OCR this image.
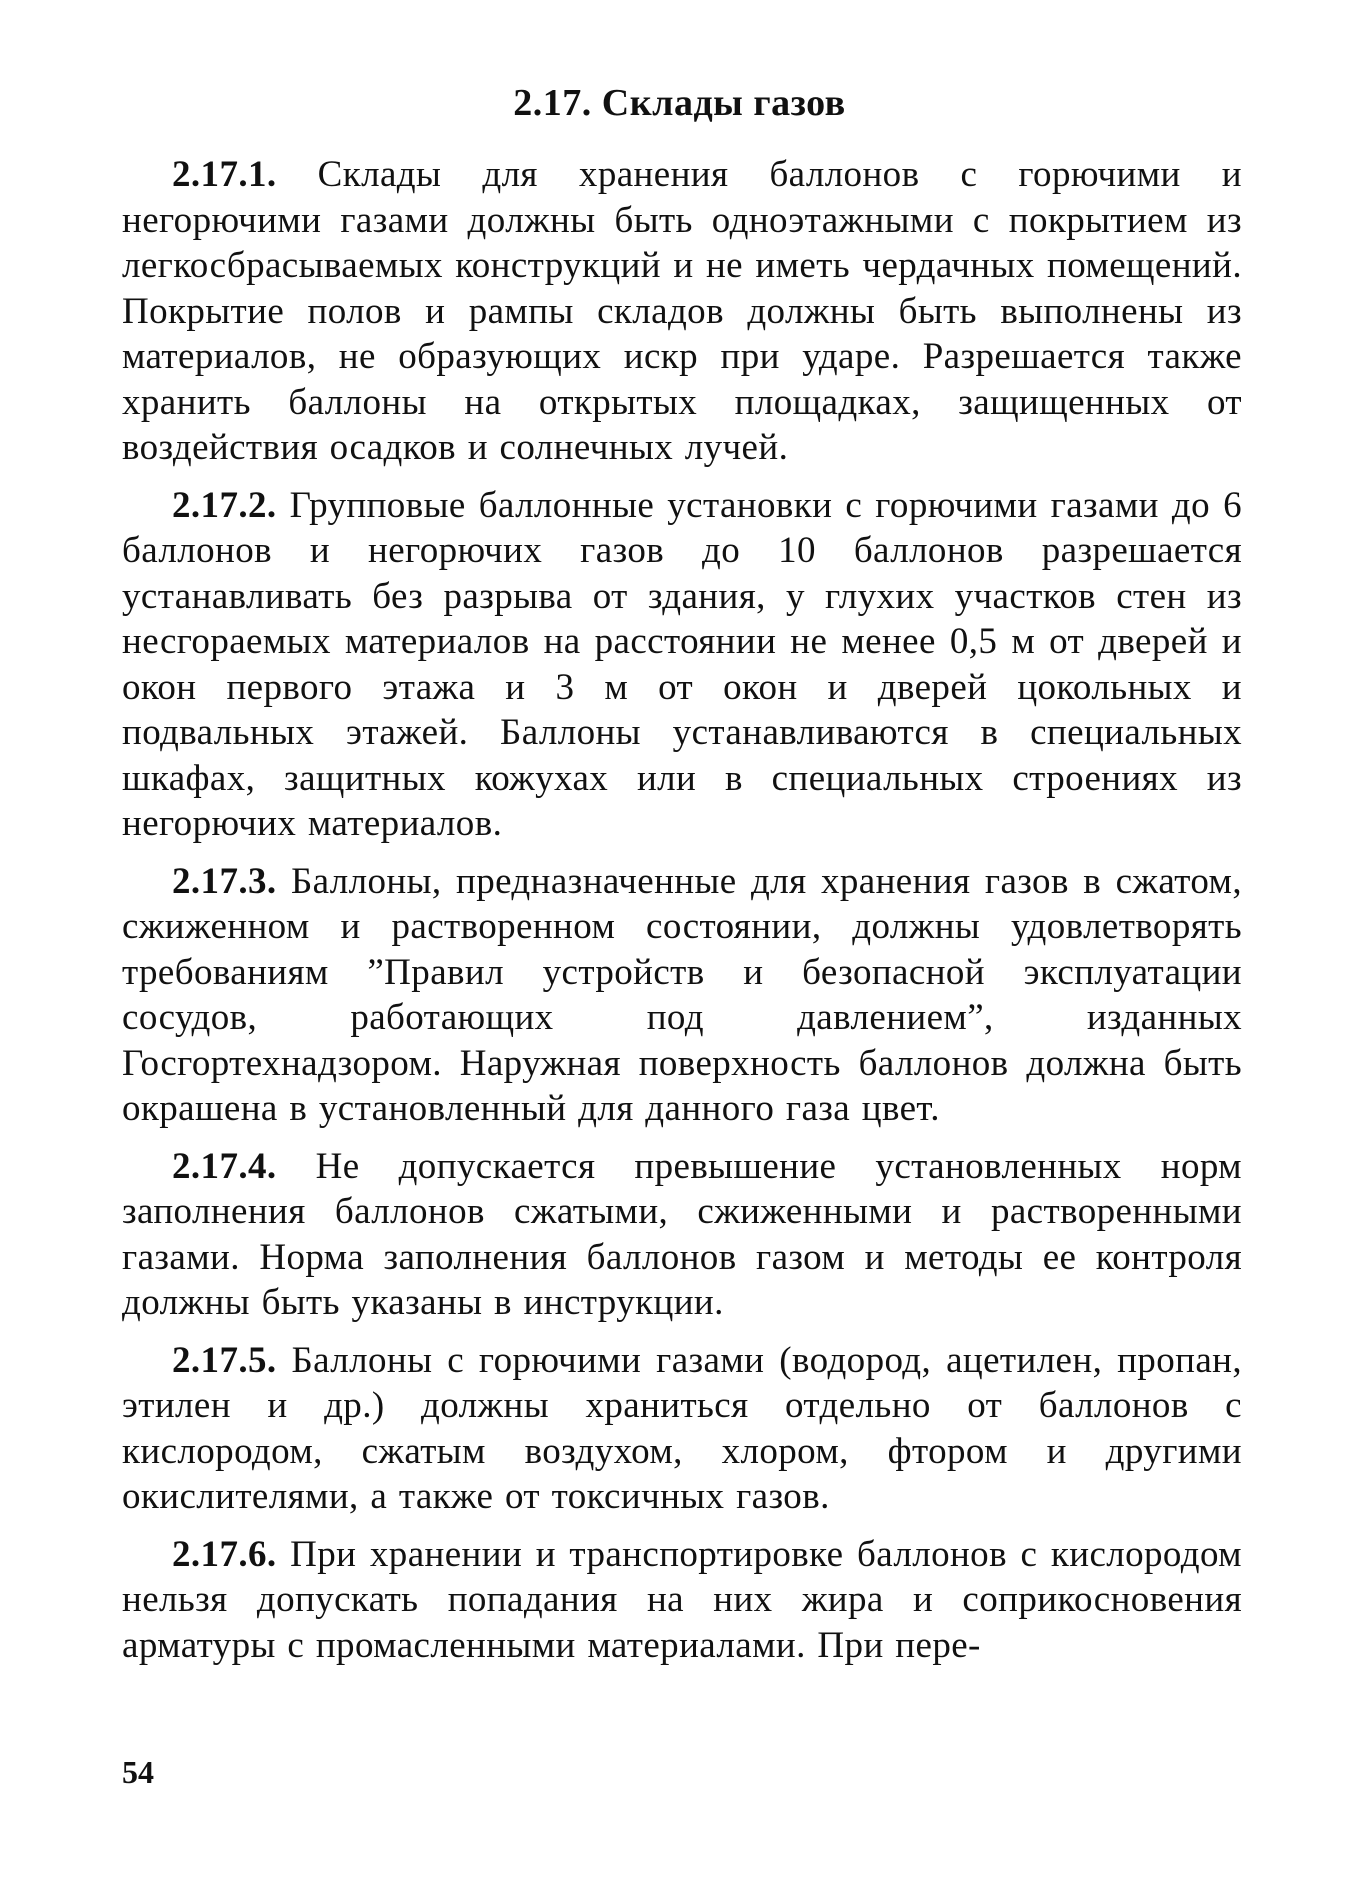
2.17. Склады газов

2.17.1. Склады для хранения баллонов с горючими и негорючими газами должны быть одноэтажными с покрытием из легкосбрасываемых конструкций и не иметь чердачных помещений. Покрытие полов и рампы складов должны быть выполнены из материалов, не образующих искр при ударе. Разрешается также хранить баллоны на открытых площадках, защищенных от воздействия осадков и солнечных лучей.

2.17.2. Групповые баллонные установки с горючими газами до 6 баллонов и негорючих газов до 10 баллонов разрешается устанавливать без разрыва от здания, у глухих участков стен из несгораемых материалов на расстоянии не менее 0,5 м от дверей и окон первого этажа и 3 м от окон и дверей цокольных и подвальных этажей. Баллоны устанавливаются в специальных шкафах, защитных кожухах или в специальных строениях из негорючих материалов.

2.17.3. Баллоны, предназначенные для хранения газов в сжатом, сжиженном и растворенном состоянии, должны удовлетворять требованиям ”Правил устройств и безопасной эксплуатации сосудов, работающих под давлением”, изданных Госгортехнадзором. Наружная поверхность баллонов должна быть окрашена в установленный для данного газа цвет.

2.17.4. Не допускается превышение установленных норм заполнения баллонов сжатыми, сжиженными и растворенными газами. Норма заполнения баллонов газом и методы ее контроля должны быть указаны в инструкции.

2.17.5. Баллоны с горючими газами (водород, ацетилен, пропан, этилен и др.) должны храниться отдельно от баллонов с кислородом, сжатым воздухом, хлором, фтором и другими окислителями, а также от токсичных газов.

2.17.6. При хранении и транспортировке баллонов с кислородом нельзя допускать попадания на них жира и соприкосновения арматуры с промасленными материалами. При пере-

54
